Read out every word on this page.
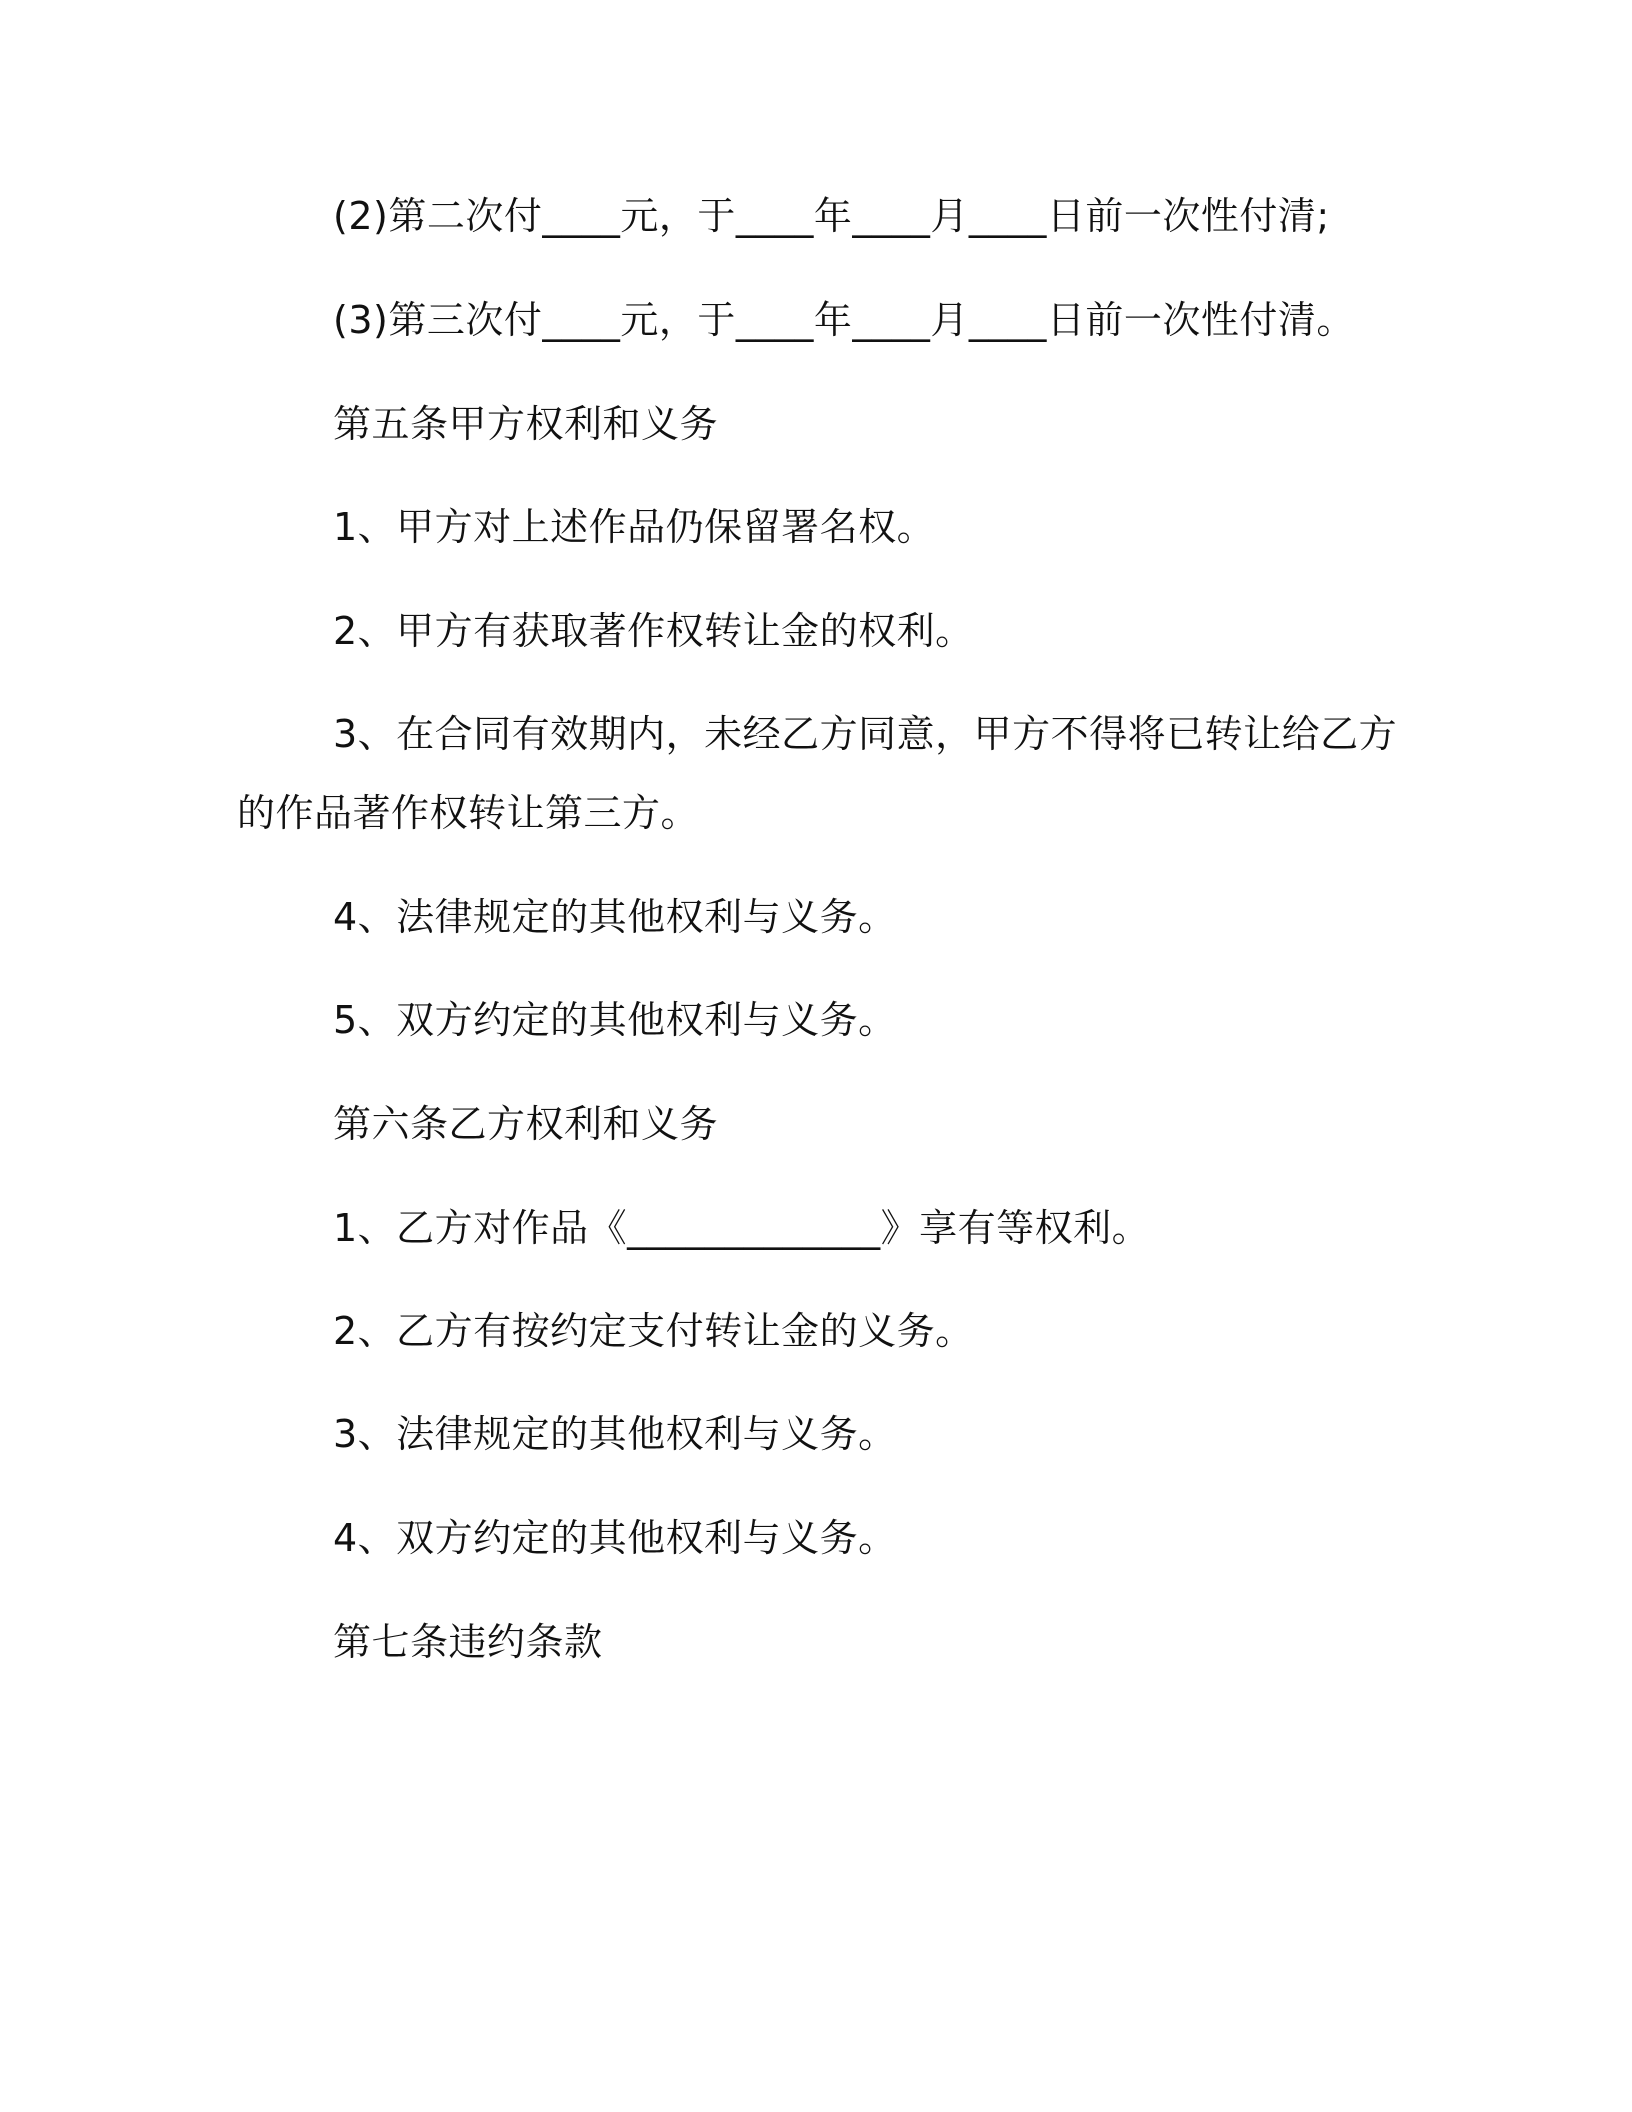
(2)第二次付____元，于____年____月____日前一次性付清;
(3)第三次付____元，于____年____月____日前一次性付清。
第五条甲方权利和义务
1、甲方对上述作品仍保留署名权。
2、甲方有获取著作权转让金的权利。
3、在合同有效期内，未经乙方同意，甲方不得将已转让给乙方
的作品著作权转让第三方。
4、法律规定的其他权利与义务。
5、双方约定的其他权利与义务。
第六条乙方权利和义务
1、乙方对作品《_____________》享有等权利。
2、乙方有按约定支付转让金的义务。
3、法律规定的其他权利与义务。
4、双方约定的其他权利与义务。
第七条违约条款
